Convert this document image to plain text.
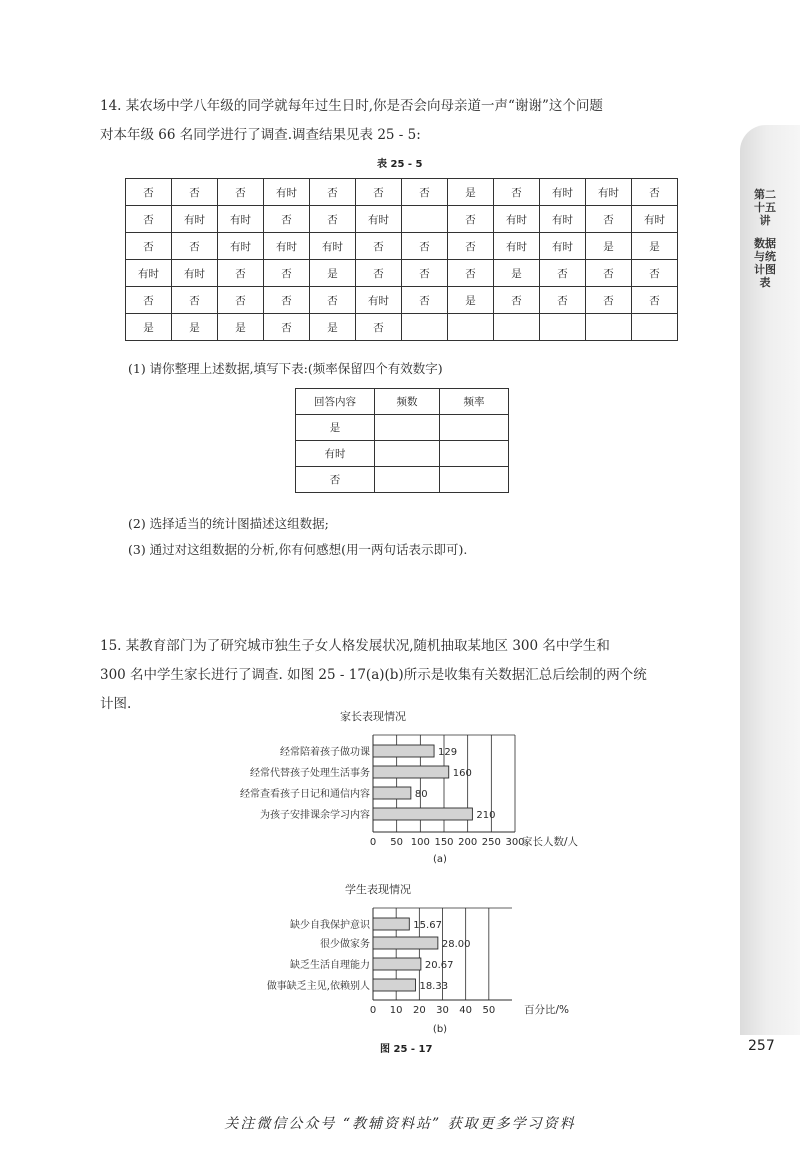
第二十五讲
数据与统计图表
257
14. 某农场中学八年级的同学就每年过生日时,你是否会向母亲道一声“谢谢”这个问题
对本年级 66 名同学进行了调查.调查结果见表 25 - 5:
表 25 - 5
否	否	否	有时	否	否	否	是	否	有时	有时	否
否	有时	有时	否	否	有时		否	有时	有时	否	有时
否	否	有时	有时	有时	否	否	否	有时	有时	是	是
有时	有时	否	否	是	否	否	否	是	否	否	否
否	否	否	否	否	有时	否	是	否	否	否	否
是	是	是	否	是	否						
(1) 请你整理上述数据,填写下表:(频率保留四个有效数字)
回答内容	频数	频率
是		
有时		
否		
(2) 选择适当的统计图描述这组数据;
(3) 通过对这组数据的分析,你有何感想(用一两句话表示即可).
15. 某教育部门为了研究城市独生子女人格发展状况,随机抽取某地区 300 名中学生和
300 名中学生家长进行了调查. 如图 25 - 17(a)(b)所示是收集有关数据汇总后绘制的两个统
计图.
家长表现情况
0 50 100 150 200 250 300
经常陪着孩子做功课	129
经常代替孩子处理生活事务	160
经常查看孩子日记和通信内容	80
为孩子安排课余学习内容	210
家长人数/人
(a)
学生表现情况
0 10 20 30 40 50
缺少自我保护意识	15.67
很少做家务	28.00
缺乏生活自理能力	20.67
做事缺乏主见,依赖别人	18.33
百分比/%
(b)
图 25 - 17
关注微信公众号 “教辅资料站” 获取更多学习资料
